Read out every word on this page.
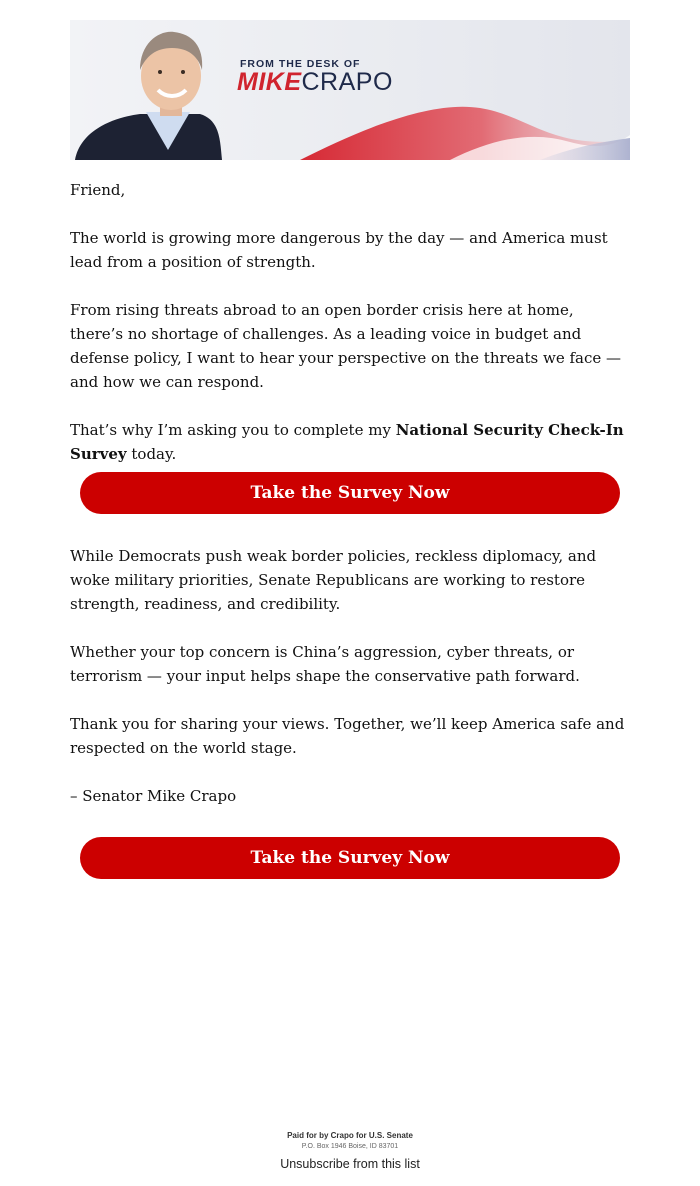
FROM THE DESK OF
MIKECRAPO

Friend,

The world is growing more dangerous by the day — and America must lead from a position of strength.

From rising threats abroad to an open border crisis here at home, there’s no shortage of challenges. As a leading voice in budget and defense policy, I want to hear your perspective on the threats we face — and how we can respond.

That’s why I’m asking you to complete my National Security Check-In Survey today.

Take the Survey Now

While Democrats push weak border policies, reckless diplomacy, and woke military priorities, Senate Republicans are working to restore strength, readiness, and credibility.

Whether your top concern is China’s aggression, cyber threats, or terrorism — your input helps shape the conservative path forward.

Thank you for sharing your views. Together, we’ll keep America safe and respected on the world stage.

– Senator Mike Crapo

Take the Survey Now
Paid for by Crapo for U.S. Senate
P.O. Box 1946 Boise, ID 83701
Unsubscribe from this list
